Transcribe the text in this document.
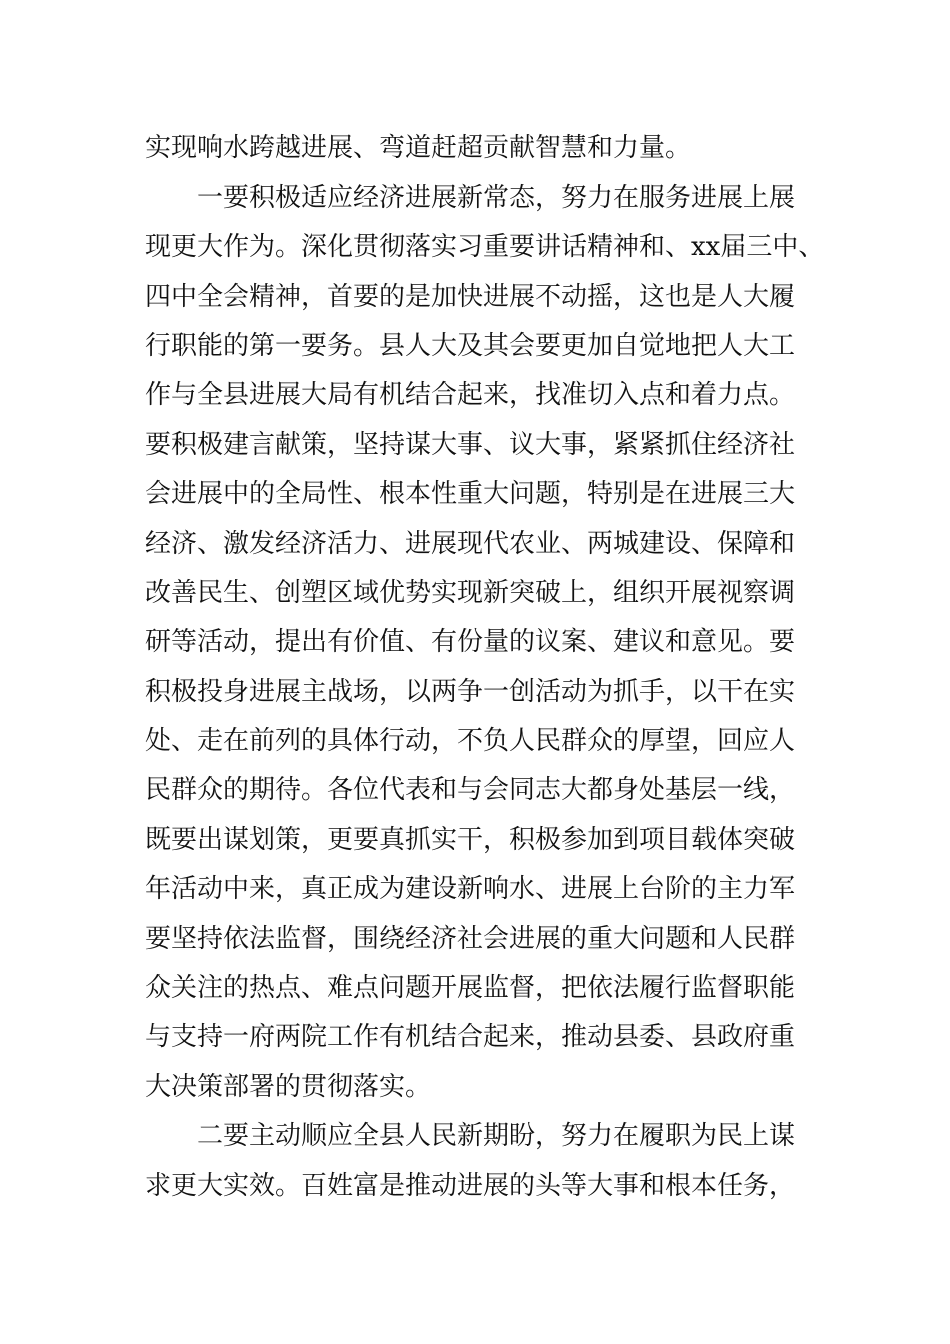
实现响水跨越进展、弯道赶超贡献智慧和力量。
一要积极适应经济进展新常态，努力在服务进展上展
现更大作为。深化贯彻落实习重要讲话精神和、xx届三中、
四中全会精神，首要的是加快进展不动摇，这也是人大履
行职能的第一要务。县人大及其会要更加自觉地把人大工
作与全县进展大局有机结合起来，找准切入点和着力点。
要积极建言献策，坚持谋大事、议大事，紧紧抓住经济社
会进展中的全局性、根本性重大问题，特别是在进展三大
经济、激发经济活力、进展现代农业、两城建设、保障和
改善民生、创塑区域优势实现新突破上，组织开展视察调
研等活动，提出有价值、有份量的议案、建议和意见。要
积极投身进展主战场，以两争一创活动为抓手，以干在实
处、走在前列的具体行动，不负人民群众的厚望，回应人
民群众的期待。各位代表和与会同志大都身处基层一线，
既要出谋划策，更要真抓实干，积极参加到项目载体突破
年活动中来，真正成为建设新响水、进展上台阶的主力军
要坚持依法监督，围绕经济社会进展的重大问题和人民群
众关注的热点、难点问题开展监督，把依法履行监督职能
与支持一府两院工作有机结合起来，推动县委、县政府重
大决策部署的贯彻落实。
二要主动顺应全县人民新期盼，努力在履职为民上谋
求更大实效。百姓富是推动进展的头等大事和根本任务，
